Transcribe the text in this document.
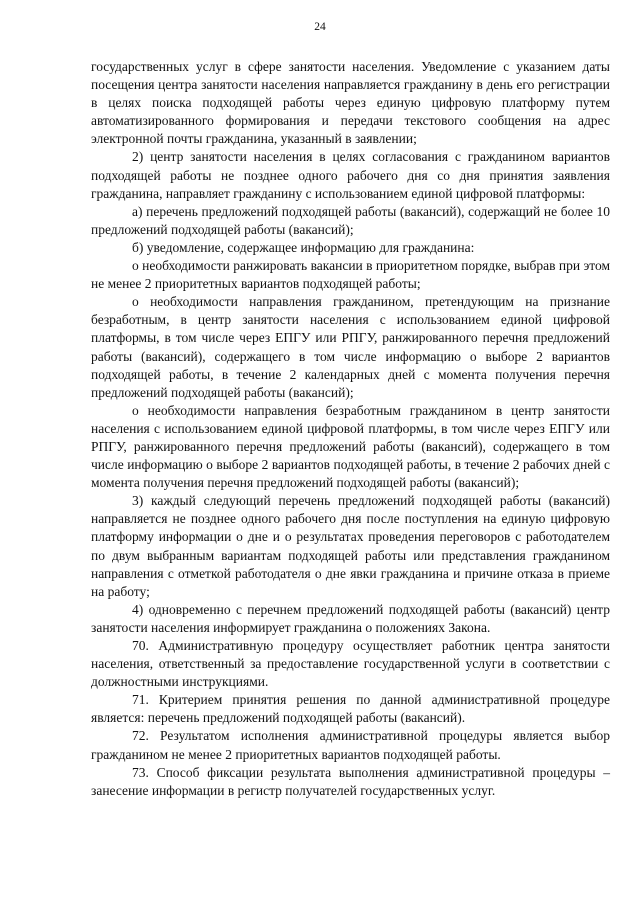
24

государственных услуг в сфере занятости населения. Уведомление с указанием даты посещения центра занятости населения направляется гражданину в день его регистрации в целях поиска подходящей работы через единую цифровую платформу путем автоматизированного формирования и передачи текстового сообщения на адрес электронной почты гражданина, указанный в заявлении;

2) центр занятости населения в целях согласования с гражданином вариантов подходящей работы не позднее одного рабочего дня со дня принятия заявления гражданина, направляет гражданину с использованием единой цифровой платформы:

а) перечень предложений подходящей работы (вакансий), содержащий не более 10 предложений подходящей работы (вакансий);

б) уведомление, содержащее информацию для гражданина:

о необходимости ранжировать вакансии в приоритетном порядке, выбрав при этом не менее 2 приоритетных вариантов подходящей работы;

о необходимости направления гражданином, претендующим на признание безработным, в центр занятости населения с использованием единой цифровой платформы, в том числе через ЕПГУ или РПГУ, ранжированного перечня предложений работы (вакансий), содержащего в том числе информацию о выборе 2 вариантов подходящей работы, в течение 2 календарных дней с момента получения перечня предложений подходящей работы (вакансий);

о необходимости направления безработным гражданином в центр занятости населения с использованием единой цифровой платформы, в том числе через ЕПГУ или РПГУ, ранжированного перечня предложений работы (вакансий), содержащего в том числе информацию о выборе 2 вариантов подходящей работы, в течение 2 рабочих дней с момента получения перечня предложений подходящей работы (вакансий);

3) каждый следующий перечень предложений подходящей работы (вакансий) направляется не позднее одного рабочего дня после поступления на единую цифровую платформу информации о дне и о результатах проведения переговоров с работодателем по двум выбранным вариантам подходящей работы или представления гражданином направления с отметкой работодателя о дне явки гражданина и причине отказа в приеме на работу;

4) одновременно с перечнем предложений подходящей работы (вакансий) центр занятости населения информирует гражданина о положениях Закона.

70. Административную процедуру осуществляет работник центра занятости населения, ответственный за предоставление государственной услуги в соответствии с должностными инструкциями.

71. Критерием принятия решения по данной административной процедуре является: перечень предложений подходящей работы (вакансий).

72. Результатом исполнения административной процедуры является выбор гражданином не менее 2 приоритетных вариантов подходящей работы.

73. Способ фиксации результата выполнения административной процедуры – занесение информации в регистр получателей государственных услуг.
